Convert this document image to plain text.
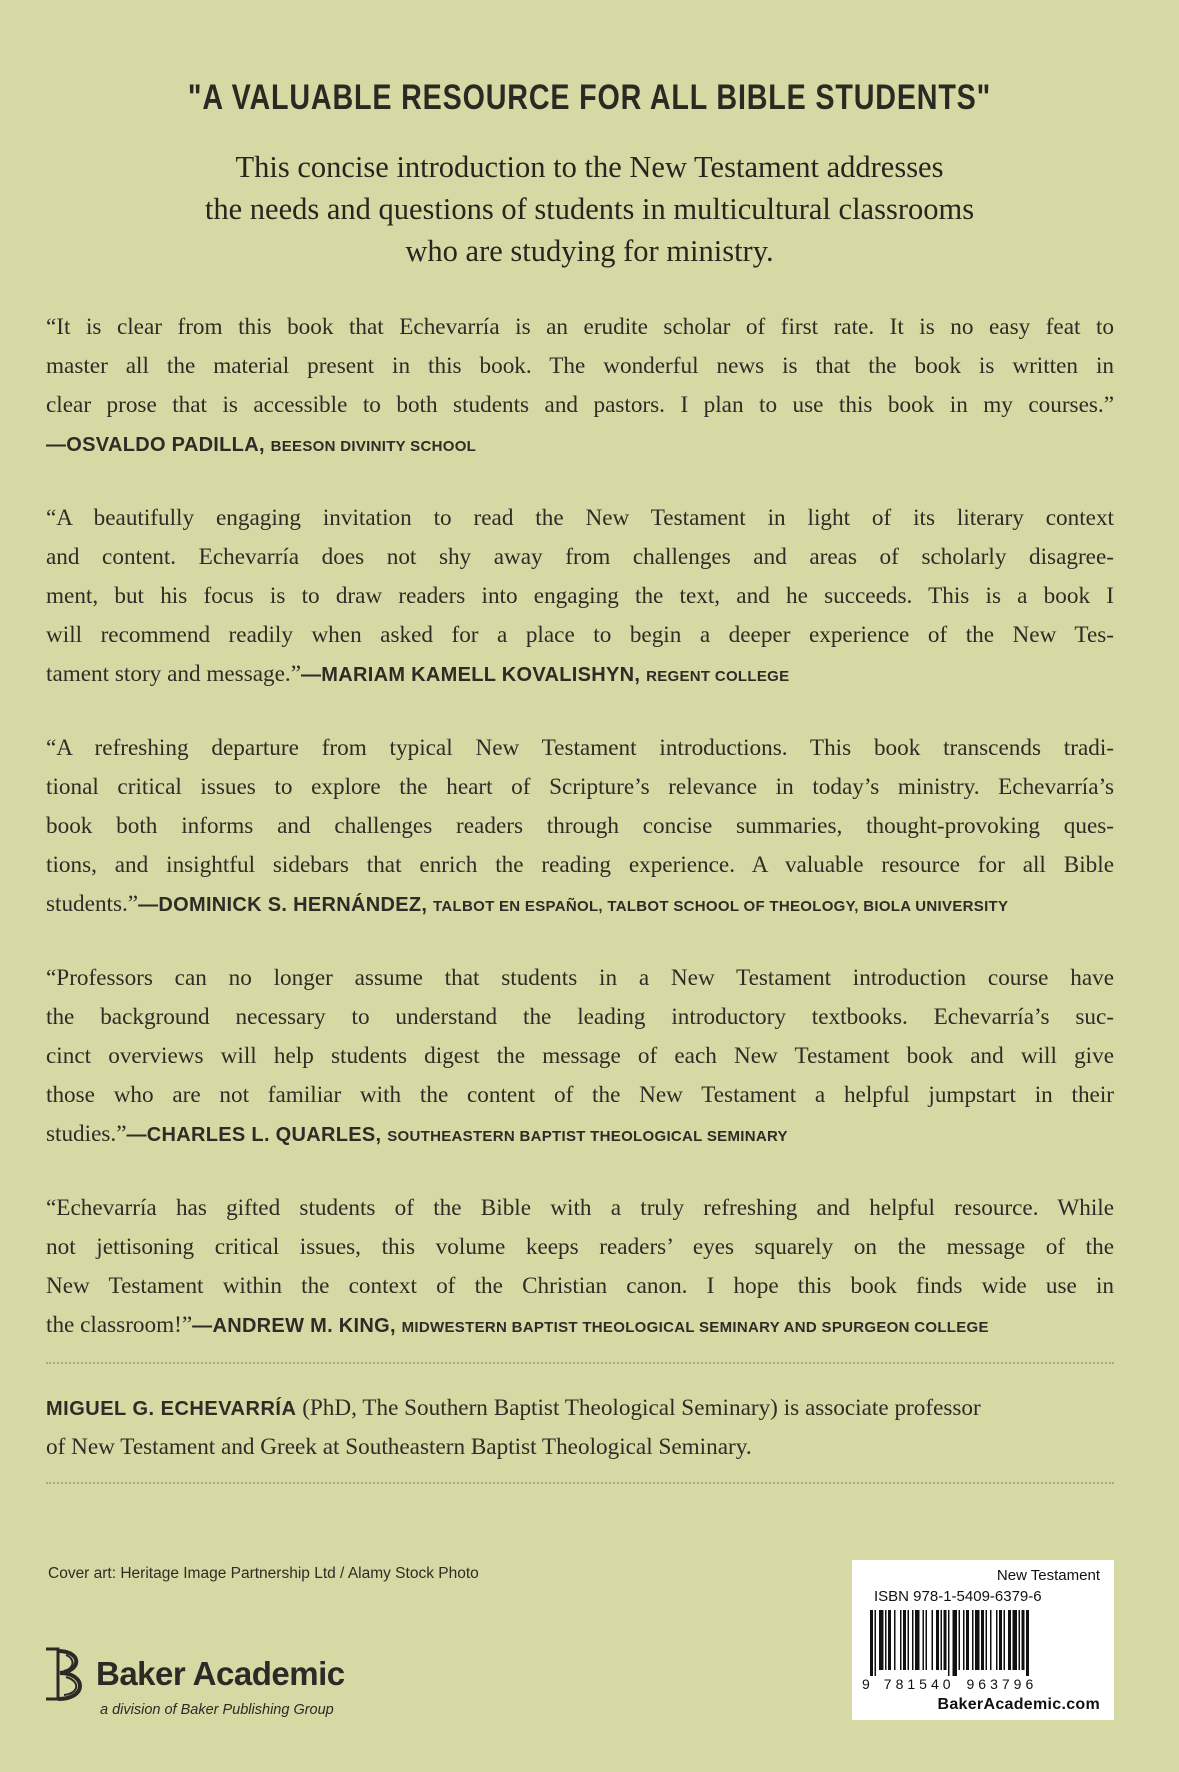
"A VALUABLE RESOURCE FOR ALL BIBLE STUDENTS"
This concise introduction to the New Testament addresses
the needs and questions of students in multicultural classrooms
who are studying for ministry.
“It is clear from this book that Echevarría is an erudite scholar of first rate. It is no easy feat to
master all the material present in this book. The wonderful news is that the book is written in
clear prose that is accessible to both students and pastors. I plan to use this book in my courses.”
—OSVALDO PADILLA, BEESON DIVINITY SCHOOL
“A beautifully engaging invitation to read the New Testament in light of its literary context
and content. Echevarría does not shy away from challenges and areas of scholarly disagree-
ment, but his focus is to draw readers into engaging the text, and he succeeds. This is a book I
will recommend readily when asked for a place to begin a deeper experience of the New Tes-
tament story and message.”—MARIAM KAMELL KOVALISHYN, REGENT COLLEGE
“A refreshing departure from typical New Testament introductions. This book transcends tradi-
tional critical issues to explore the heart of Scripture’s relevance in today’s ministry. Echevarría’s
book both informs and challenges readers through concise summaries, thought-provoking ques-
tions, and insightful sidebars that enrich the reading experience. A valuable resource for all Bible
students.”—DOMINICK S. HERNÁNDEZ, TALBOT EN ESPAÑOL, TALBOT SCHOOL OF THEOLOGY, BIOLA UNIVERSITY
“Professors can no longer assume that students in a New Testament introduction course have
the background necessary to understand the leading introductory textbooks. Echevarría’s suc-
cinct overviews will help students digest the message of each New Testament book and will give
those who are not familiar with the content of the New Testament a helpful jumpstart in their
studies.”—CHARLES L. QUARLES, SOUTHEASTERN BAPTIST THEOLOGICAL SEMINARY
“Echevarría has gifted students of the Bible with a truly refreshing and helpful resource. While
not jettisoning critical issues, this volume keeps readers’ eyes squarely on the message of the
New Testament within the context of the Christian canon. I hope this book finds wide use in
the classroom!”—ANDREW M. KING, MIDWESTERN BAPTIST THEOLOGICAL SEMINARY AND SPURGEON COLLEGE
MIGUEL G. ECHEVARRÍA (PhD, The Southern Baptist Theological Seminary) is associate professor
of New Testament and Greek at Southeastern Baptist Theological Seminary.
Cover art: Heritage Image Partnership Ltd / Alamy Stock Photo
Baker Academic
a division of Baker Publishing Group
New Testament
ISBN 978-1-5409-6379-6
9 781540 963796
BakerAcademic.com
